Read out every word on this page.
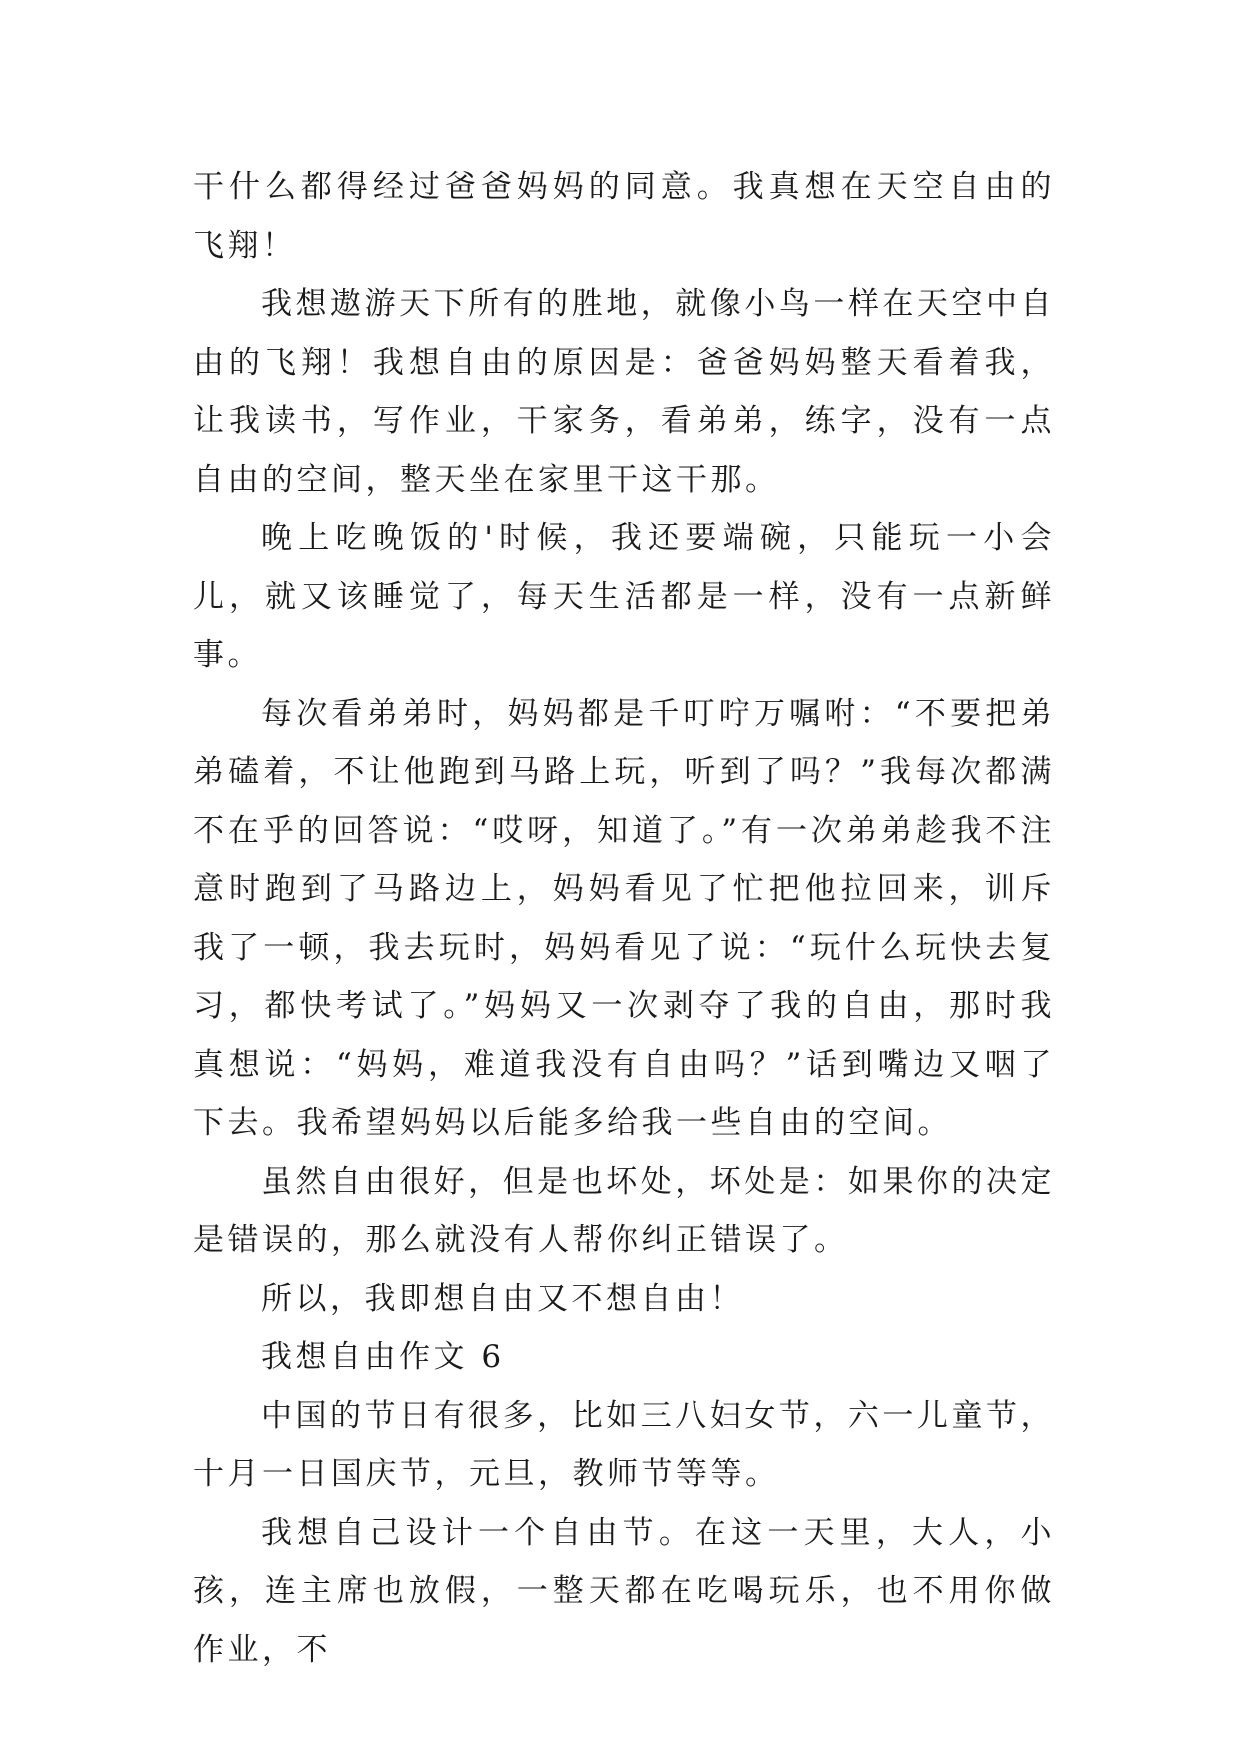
干什么都得经过爸爸妈妈的同意。我真想在天空自由的飞翔！

我想遨游天下所有的胜地，就像小鸟一样在天空中自由的飞翔！我想自由的原因是：爸爸妈妈整天看着我，让我读书，写作业，干家务，看弟弟，练字，没有一点自由的空间，整天坐在家里干这干那。

晚上吃晚饭的'时候，我还要端碗，只能玩一小会儿，就又该睡觉了，每天生活都是一样，没有一点新鲜事。

每次看弟弟时，妈妈都是千叮咛万嘱咐：“不要把弟弟磕着，不让他跑到马路上玩，听到了吗？”我每次都满不在乎的回答说：“哎呀，知道了。”有一次弟弟趁我不注意时跑到了马路边上，妈妈看见了忙把他拉回来，训斥我了一顿，我去玩时，妈妈看见了说：“玩什么玩快去复习，都快考试了。”妈妈又一次剥夺了我的自由，那时我真想说：“妈妈，难道我没有自由吗？”话到嘴边又咽了下去。我希望妈妈以后能多给我一些自由的空间。

虽然自由很好，但是也坏处，坏处是：如果你的决定是错误的，那么就没有人帮你纠正错误了。

所以，我即想自由又不想自由！

我想自由作文 6

中国的节日有很多，比如三八妇女节，六一儿童节，十月一日国庆节，元旦，教师节等等。

我想自己设计一个自由节。在这一天里，大人，小孩，连主席也放假，一整天都在吃喝玩乐，也不用你做作业，不
